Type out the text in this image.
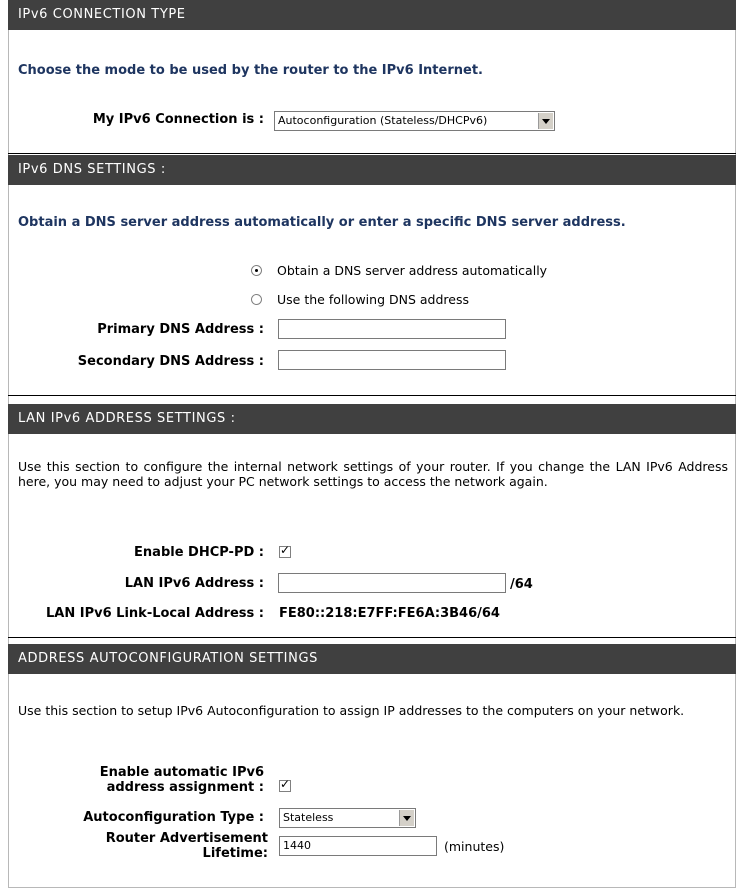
IPv6 CONNECTION TYPE
Choose the mode to be used by the router to the IPv6 Internet.
My IPv6 Connection is :	Autoconfiguration (Stateless/DHCPv6)
IPv6 DNS SETTINGS :
Obtain a DNS server address automatically or enter a specific DNS server address.
Obtain a DNS server address automatically
Use the following DNS address
Primary DNS Address :
Secondary DNS Address :
LAN IPv6 ADDRESS SETTINGS :
Use this section to configure the internal network settings of your router. If you change the LAN IPv6 Address here, you may need to adjust your PC network settings to access the network again.
Enable DHCP-PD :
✓
LAN IPv6 Address :	/64
LAN IPv6 Link-Local Address : FE80::218:E7FF:FE6A:3B46/64
ADDRESS AUTOCONFIGURATION SETTINGS
Use this section to setup IPv6 Autoconfiguration to assign IP addresses to the computers on your network.
Enable automatic IPv6
address assignment :
✓
Autoconfiguration Type :	Stateless
Router Advertisement
Lifetime:
1440	(minutes)
